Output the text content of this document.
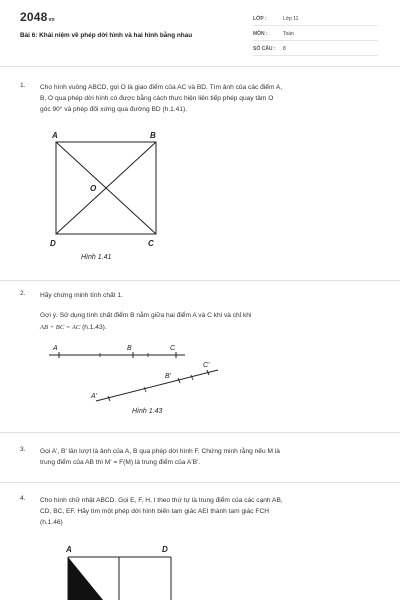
2048vn
Bài 6: Khái niệm về phép dời hình và hai hình bằng nhau
LỚP :	Lớp 11
MÔN :	Toán
SỐ CÂU : 8
1. Cho hình vuông ABCD, gọi O là giao điểm của AC và BD. Tìm ảnh của các điểm A,
B, O qua phép dời hình có được bằng cách thực hiện liên tiếp phép quay tâm O
góc 90° và phép đối xứng qua đường BD (h.1.41).
A	B
D	C
O
Hình 1.41
2. Hãy chứng minh tính chất 1.
Gợi ý. Sử dụng tính chất điểm B nằm giữa hai điểm A và C khi và chỉ khi
AB + BC = AC (h.1.43).
A	B	C
A'
B'
C'
Hình 1.43
3. Gọi A', B' lần lượt là ảnh của A, B qua phép dời hình F. Chứng minh rằng nếu M là
trung điểm của AB thì M' = F(M) là trung điểm của A'B'.
4. Cho hình chữ nhật ABCD. Gọi E, F, H, I theo thứ tự là trung điểm của các cạnh AB,
CD, BC, EF. Hãy tìm một phép dời hình biến tam giác AEI thành tam giác FCH
(h.1.46)
A	D
